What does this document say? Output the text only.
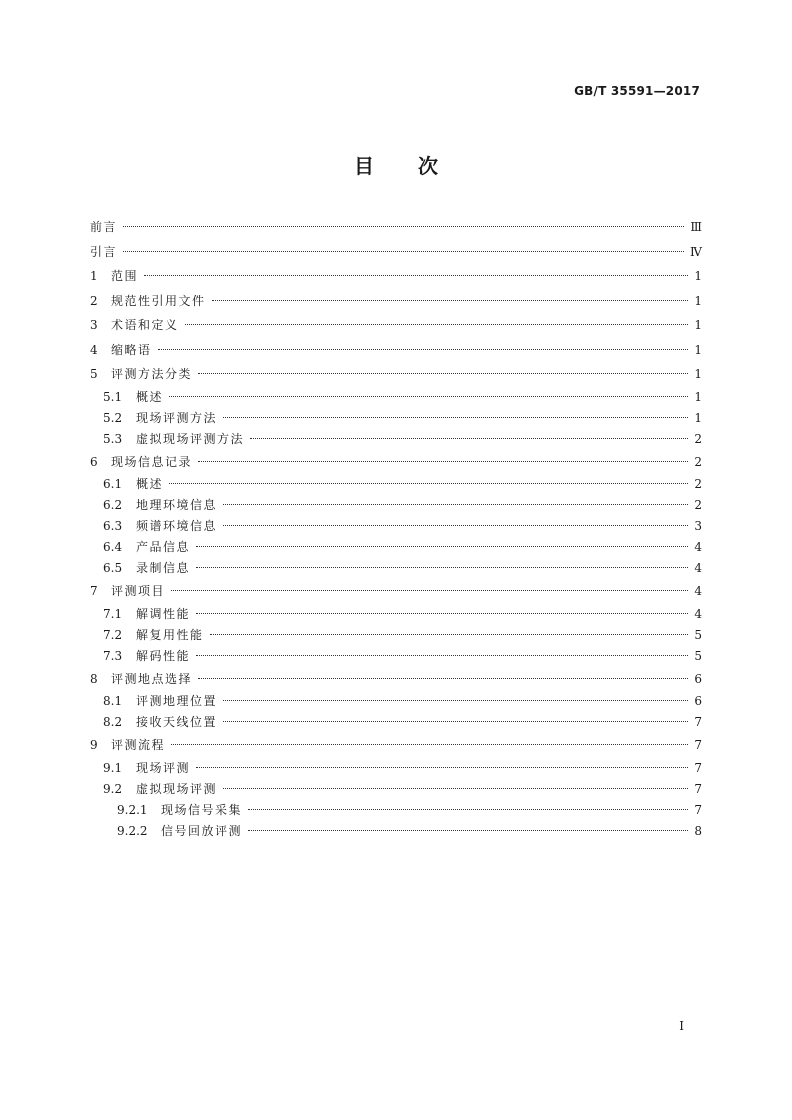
GB/T 35591—2017
目次
前言	Ⅲ
引言	Ⅳ
1	范围	1
2	规范性引用文件	1
3	术语和定义	1
4	缩略语	1
5	评测方法分类	1
5.1	概述	1
5.2	现场评测方法	1
5.3	虚拟现场评测方法	2
6	现场信息记录	2
6.1	概述	2
6.2	地理环境信息	2
6.3	频谱环境信息	3
6.4	产品信息	4
6.5	录制信息	4
7	评测项目	4
7.1	解调性能	4
7.2	解复用性能	5
7.3	解码性能	5
8	评测地点选择	6
8.1	评测地理位置	6
8.2	接收天线位置	7
9	评测流程	7
9.1	现场评测	7
9.2	虚拟现场评测	7
9.2.1	现场信号采集	7
9.2.2	信号回放评测	8
I
